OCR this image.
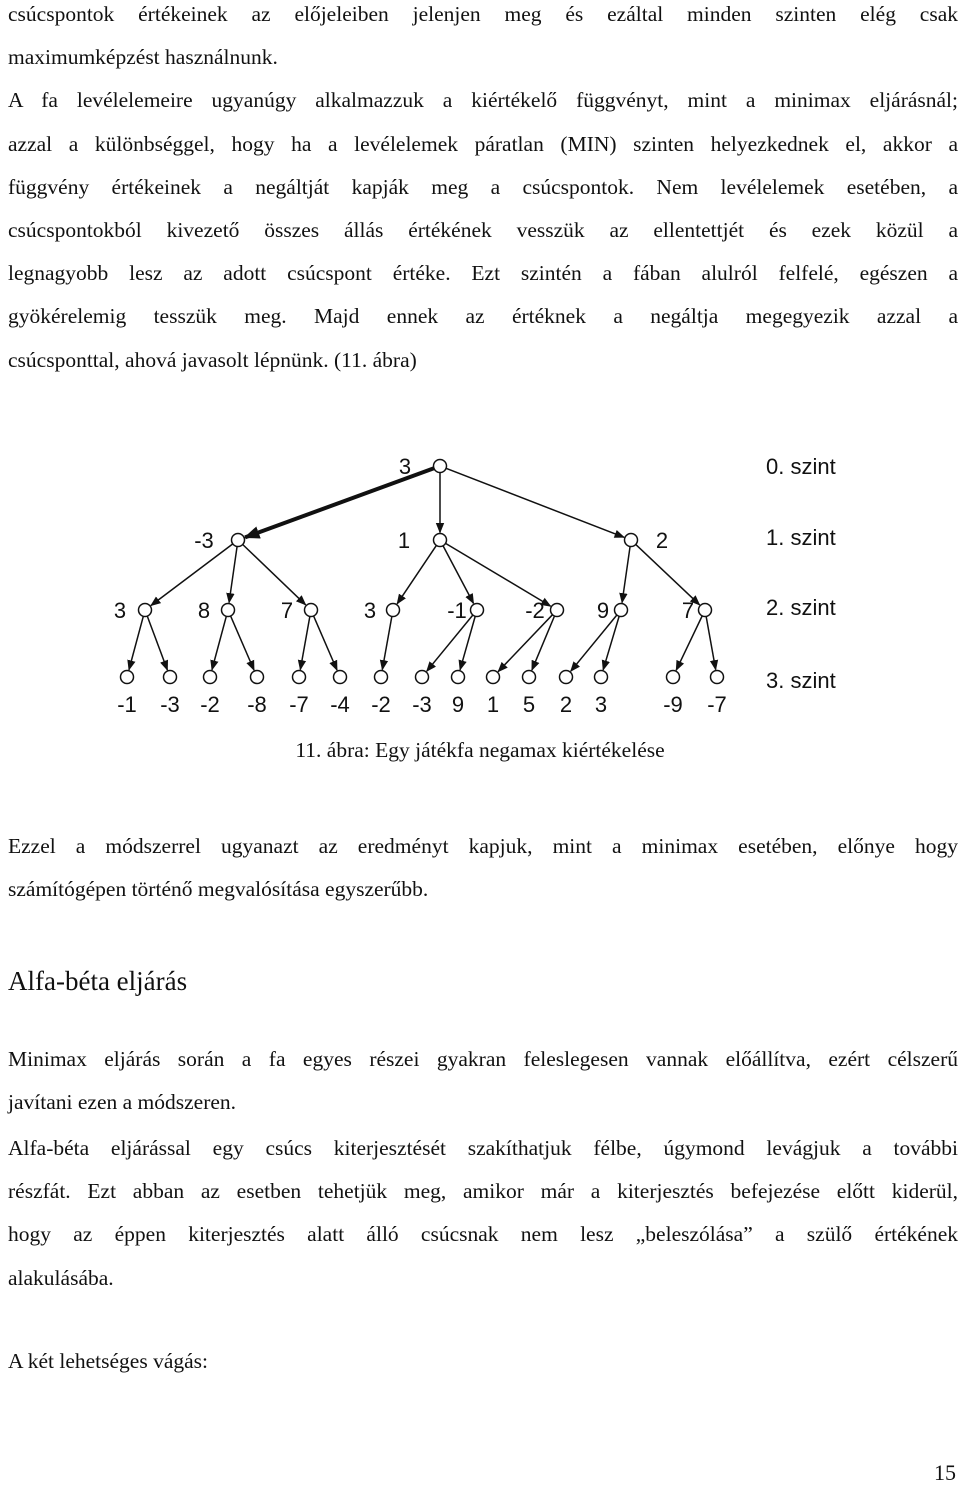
csúcspontok értékeinek az előjeleiben jelenjen meg és ezáltal minden szinten elég csak
maximumképzést használnunk.
A fa levélelemeire ugyanúgy alkalmazzuk a kiértékelő függvényt, mint a minimax eljárásnál;
azzal a különbséggel, hogy ha a levélelemek páratlan (MIN) szinten helyezkednek el, akkor a
függvény értékeinek a negáltját kapják meg a csúcspontok. Nem levélelemek esetében, a
csúcspontokból kivezető összes állás értékének vesszük az ellentettjét és ezek közül a
legnagyobb lesz az adott csúcspont értéke. Ezt szintén a fában alulról felfelé, egészen a
gyökérelemig tesszük meg. Majd ennek az értéknek a negáltja megegyezik azzal a
csúcsponttal, ahová javasolt lépnünk. (11. ábra)
3
-3	1	2
3	8	7	3	-1	-2 9	7
-1 -3 -2 -8 -7 -4 -2 -3 9 1 5 2 3	-9 -7
0. szint
1. szint
2. szint
3. szint
11. ábra: Egy játékfa negamax kiértékelése
Ezzel a módszerrel ugyanazt az eredményt kapjuk, mint a minimax esetében, előnye hogy
számítógépen történő megvalósítása egyszerűbb.
Alfa-béta eljárás
Minimax eljárás során a fa egyes részei gyakran feleslegesen vannak előállítva, ezért célszerű
javítani ezen a módszeren.
Alfa-béta eljárással egy csúcs kiterjesztését szakíthatjuk félbe, úgymond levágjuk a további
részfát. Ezt abban az esetben tehetjük meg, amikor már a kiterjesztés befejezése előtt kiderül,
hogy az éppen kiterjesztés alatt álló csúcsnak nem lesz „beleszólása” a szülő értékének
alakulásába.
A két lehetséges vágás:
15
